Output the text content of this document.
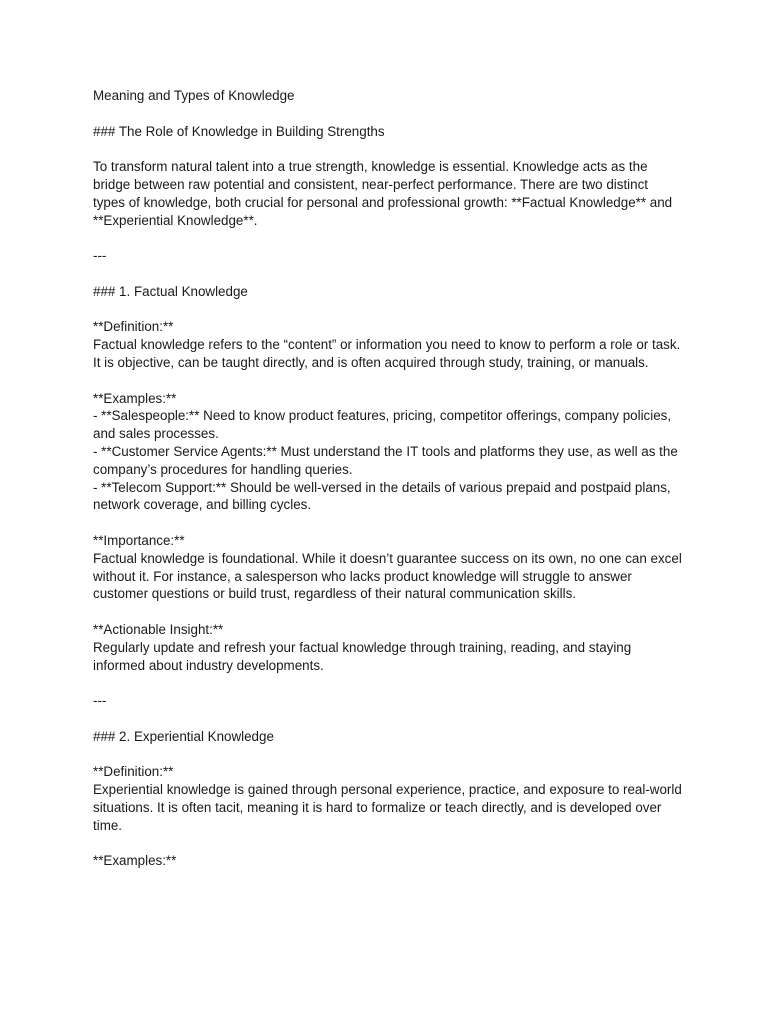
Meaning and Types of Knowledge

### The Role of Knowledge in Building Strengths

To transform natural talent into a true strength, knowledge is essential. Knowledge acts as the bridge between raw potential and consistent, near-perfect performance. There are two distinct types of knowledge, both crucial for personal and professional growth: **Factual Knowledge** and **Experiential Knowledge**.

---

### 1. Factual Knowledge

**Definition:**

Factual knowledge refers to the “content” or information you need to know to perform a role or task. It is objective, can be taught directly, and is often acquired through study, training, or manuals.

**Examples:**

- **Salespeople:** Need to know product features, pricing, competitor offerings, company policies, and sales processes.

- **Customer Service Agents:** Must understand the IT tools and platforms they use, as well as the company’s procedures for handling queries.

- **Telecom Support:** Should be well-versed in the details of various prepaid and postpaid plans, network coverage, and billing cycles.

**Importance:**

Factual knowledge is foundational. While it doesn’t guarantee success on its own, no one can excel without it. For instance, a salesperson who lacks product knowledge will struggle to answer customer questions or build trust, regardless of their natural communication skills.

**Actionable Insight:**

Regularly update and refresh your factual knowledge through training, reading, and staying informed about industry developments.

---

### 2. Experiential Knowledge

**Definition:**

Experiential knowledge is gained through personal experience, practice, and exposure to real-world situations. It is often tacit, meaning it is hard to formalize or teach directly, and is developed over time.

**Examples:**
